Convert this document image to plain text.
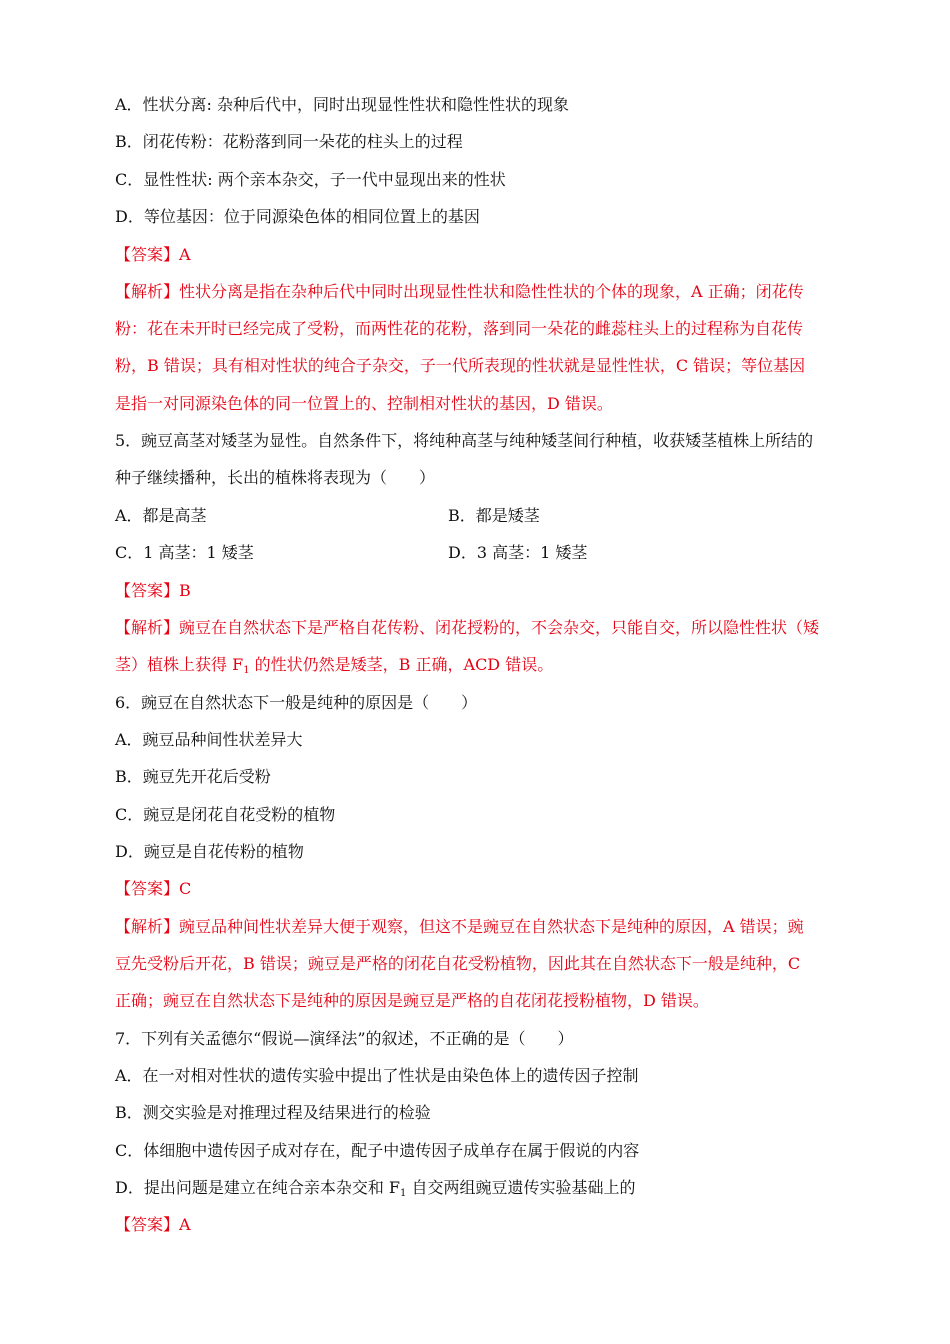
A．性状分离: 杂种后代中，同时出现显性性状和隐性性状的现象
B．闭花传粉：花粉落到同一朵花的柱头上的过程
C．显性性状: 两个亲本杂交，子一代中显现出来的性状
D．等位基因：位于同源染色体的相同位置上的基因
【答案】A
【解析】性状分离是指在杂种后代中同时出现显性性状和隐性性状的个体的现象，A 正确；闭花传
粉：花在未开时已经完成了受粉，而两性花的花粉，落到同一朵花的雌蕊柱头上的过程称为自花传
粉，B 错误；具有相对性状的纯合子杂交，子一代所表现的性状就是显性性状，C 错误；等位基因
是指一对同源染色体的同一位置上的、控制相对性状的基因，D 错误。
5．豌豆高茎对矮茎为显性。自然条件下，将纯种高茎与纯种矮茎间行种植，收获矮茎植株上所结的
种子继续播种，长出的植株将表现为（　　）
A．都是高茎	B．都是矮茎
C．1 高茎：1 矮茎	D．3 高茎：1 矮茎
【答案】B
【解析】豌豆在自然状态下是严格自花传粉、闭花授粉的，不会杂交，只能自交，所以隐性性状（矮
茎）植株上获得 $F_1$ 的性状仍然是矮茎，B 正确，ACD 错误。
6．豌豆在自然状态下一般是纯种的原因是（　　）
A．豌豆品种间性状差异大
B．豌豆先开花后受粉
C．豌豆是闭花自花受粉的植物
D．豌豆是自花传粉的植物
【答案】C
【解析】豌豆品种间性状差异大便于观察，但这不是豌豆在自然状态下是纯种的原因，A 错误；豌
豆先受粉后开花，B 错误；豌豆是严格的闭花自花受粉植物，因此其在自然状态下一般是纯种，C
正确；豌豆在自然状态下是纯种的原因是豌豆是严格的自花闭花授粉植物，D 错误。
7．下列有关孟德尔“假说—演绎法”的叙述，不正确的是（　　）
A．在一对相对性状的遗传实验中提出了性状是由染色体上的遗传因子控制
B．测交实验是对推理过程及结果进行的检验
C．体细胞中遗传因子成对存在，配子中遗传因子成单存在属于假说的内容
D．提出问题是建立在纯合亲本杂交和 $F_1$ 自交两组豌豆遗传实验基础上的
【答案】A
